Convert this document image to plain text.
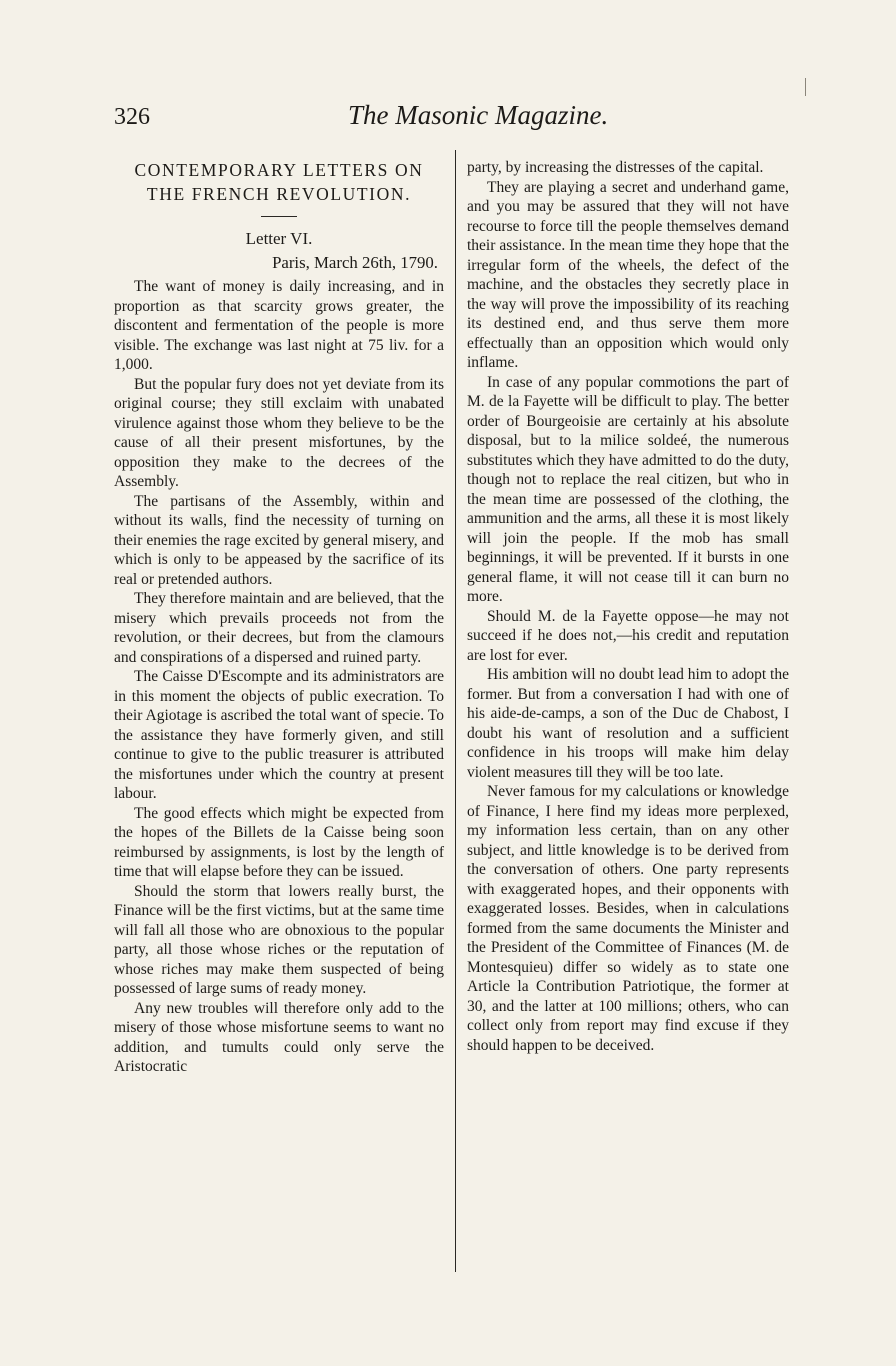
326	The Masonic Magazine.
CONTEMPORARY LETTERS ON
THE FRENCH REVOLUTION.
Letter VI.
Paris, March 26th, 1790.

The want of money is daily increasing, and in proportion as that scarcity grows greater, the discontent and fermentation of the people is more visible. The exchange was last night at 75 liv. for a 1,000.

But the popular fury does not yet deviate from its original course; they still exclaim with unabated virulence against those whom they believe to be the cause of all their present misfortunes, by the opposition they make to the decrees of the Assembly.

The partisans of the Assembly, within and without its walls, find the necessity of turning on their enemies the rage excited by general misery, and which is only to be appeased by the sacrifice of its real or pretended authors.

They therefore maintain and are believed, that the misery which prevails proceeds not from the revolution, or their decrees, but from the clamours and conspirations of a dispersed and ruined party.

The Caisse D'Escompte and its administrators are in this moment the objects of public execration. To their Agiotage is ascribed the total want of specie. To the assistance they have formerly given, and still continue to give to the public treasurer is attributed the misfortunes under which the country at present labour.

The good effects which might be expected from the hopes of the Billets de la Caisse being soon reimbursed by assignments, is lost by the length of time that will elapse before they can be issued.

Should the storm that lowers really burst, the Finance will be the first victims, but at the same time will fall all those who are obnoxious to the popular party, all those whose riches or the reputation of whose riches may make them suspected of being possessed of large sums of ready money.

Any new troubles will therefore only add to the misery of those whose misfortune seems to want no addition, and tumults could only serve the Aristocratic

party, by increasing the distresses of the capital.

They are playing a secret and underhand game, and you may be assured that they will not have recourse to force till the people themselves demand their assistance. In the mean time they hope that the irregular form of the wheels, the defect of the machine, and the obstacles they secretly place in the way will prove the impossibility of its reaching its destined end, and thus serve them more effectually than an opposition which would only inflame.

In case of any popular commotions the part of M. de la Fayette will be difficult to play. The better order of Bourgeoisie are certainly at his absolute disposal, but to la milice soldeé, the numerous substitutes which they have admitted to do the duty, though not to replace the real citizen, but who in the mean time are possessed of the clothing, the ammunition and the arms, all these it is most likely will join the people. If the mob has small beginnings, it will be prevented. If it bursts in one general flame, it will not cease till it can burn no more.

Should M. de la Fayette oppose—he may not succeed if he does not,—his credit and reputation are lost for ever.

His ambition will no doubt lead him to adopt the former. But from a conversation I had with one of his aide-de-camps, a son of the Duc de Chabost, I doubt his want of resolution and a sufficient confidence in his troops will make him delay violent measures till they will be too late.

Never famous for my calculations or knowledge of Finance, I here find my ideas more perplexed, my information less certain, than on any other subject, and little knowledge is to be derived from the conversation of others. One party represents with exaggerated hopes, and their opponents with exaggerated losses. Besides, when in calculations formed from the same documents the Minister and the President of the Committee of Finances (M. de Montesquieu) differ so widely as to state one Article la Contribution Patriotique, the former at 30, and the latter at 100 millions; others, who can collect only from report may find excuse if they should happen to be deceived.
